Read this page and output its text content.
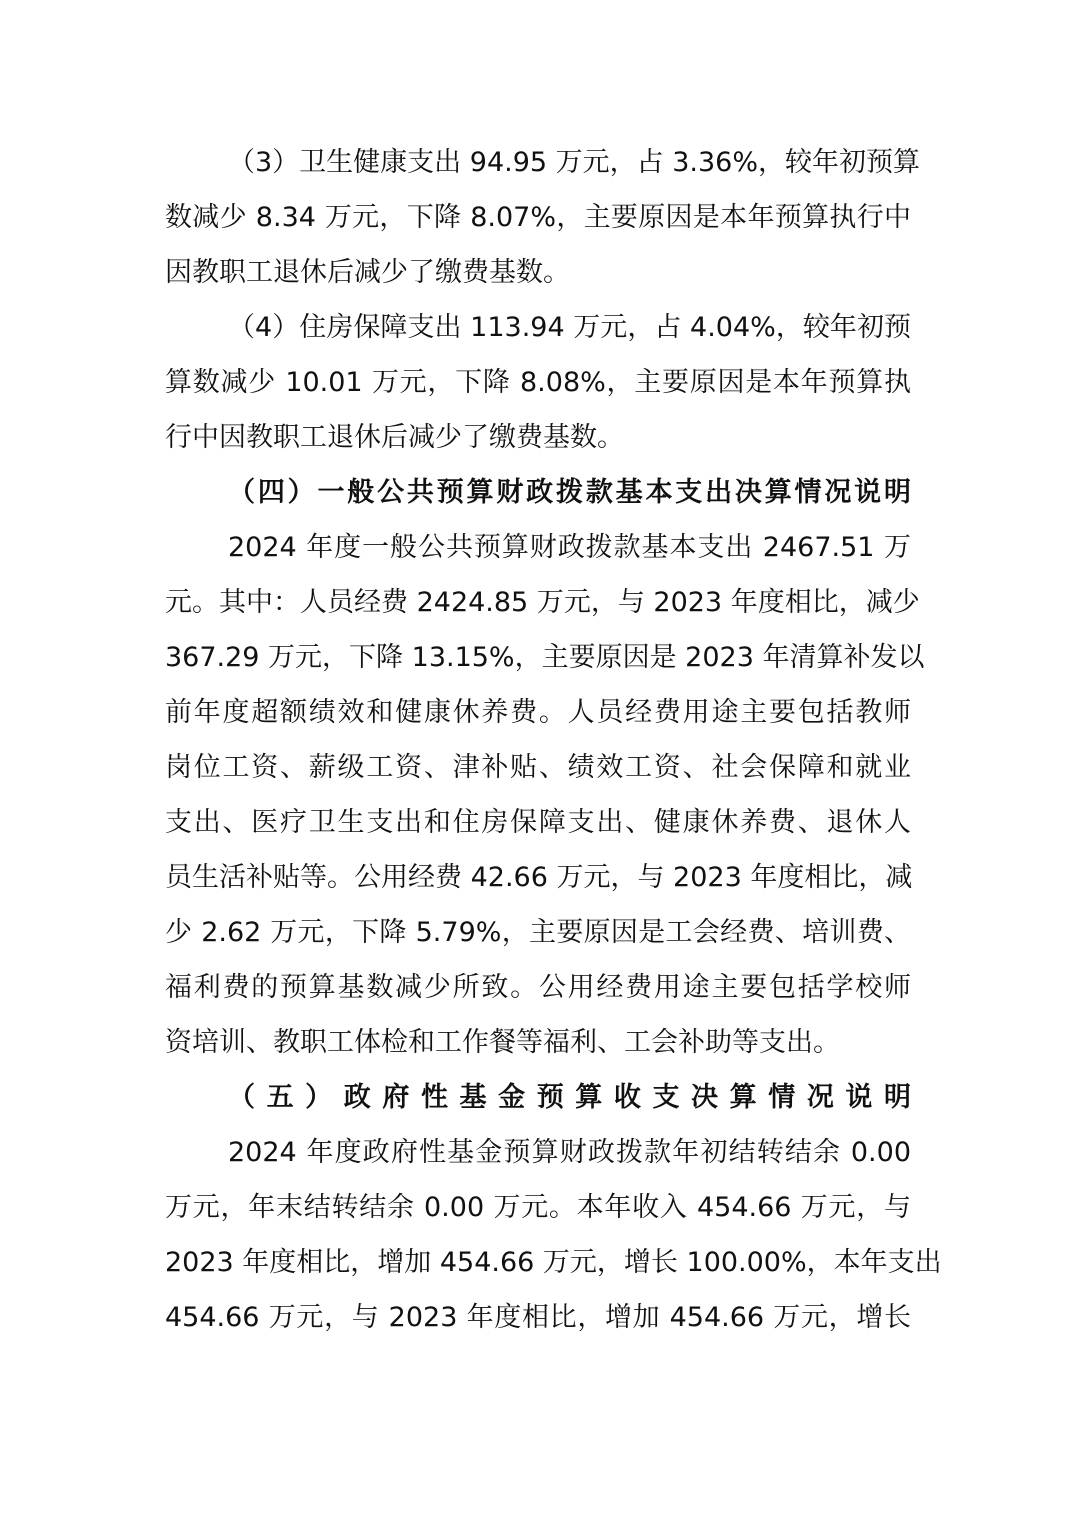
（3）卫生健康支出 94.95 万元，占 3.36%，较年初预算
数减少 8.34 万元，下降 8.07%，主要原因是本年预算执行中
因教职工退休后减少了缴费基数。
（4）住房保障支出 113.94 万元，占 4.04%，较年初预
算数减少 10.01 万元，下降 8.08%，主要原因是本年预算执
行中因教职工退休后减少了缴费基数。
（四）一般公共预算财政拨款基本支出决算情况说明
2024 年度一般公共预算财政拨款基本支出 2467.51 万
元。其中：人员经费 2424.85 万元，与 2023 年度相比，减少
367.29 万元，下降 13.15%，主要原因是 2023 年清算补发以
前年度超额绩效和健康休养费。人员经费用途主要包括教师
岗位工资、薪级工资、津补贴、绩效工资、社会保障和就业
支出、医疗卫生支出和住房保障支出、健康休养费、退休人
员生活补贴等。公用经费 42.66 万元，与 2023 年度相比，减
少 2.62 万元，下降 5.79%，主要原因是工会经费、培训费、
福利费的预算基数减少所致。公用经费用途主要包括学校师
资培训、教职工体检和工作餐等福利、工会补助等支出。
（五）政府性基金预算收支决算情况说明
2024 年度政府性基金预算财政拨款年初结转结余 0.00
万元，年末结转结余 0.00 万元。本年收入 454.66 万元，与
2023 年度相比，增加 454.66 万元，增长 100.00%，本年支出
454.66 万元，与 2023 年度相比，增加 454.66 万元，增长
